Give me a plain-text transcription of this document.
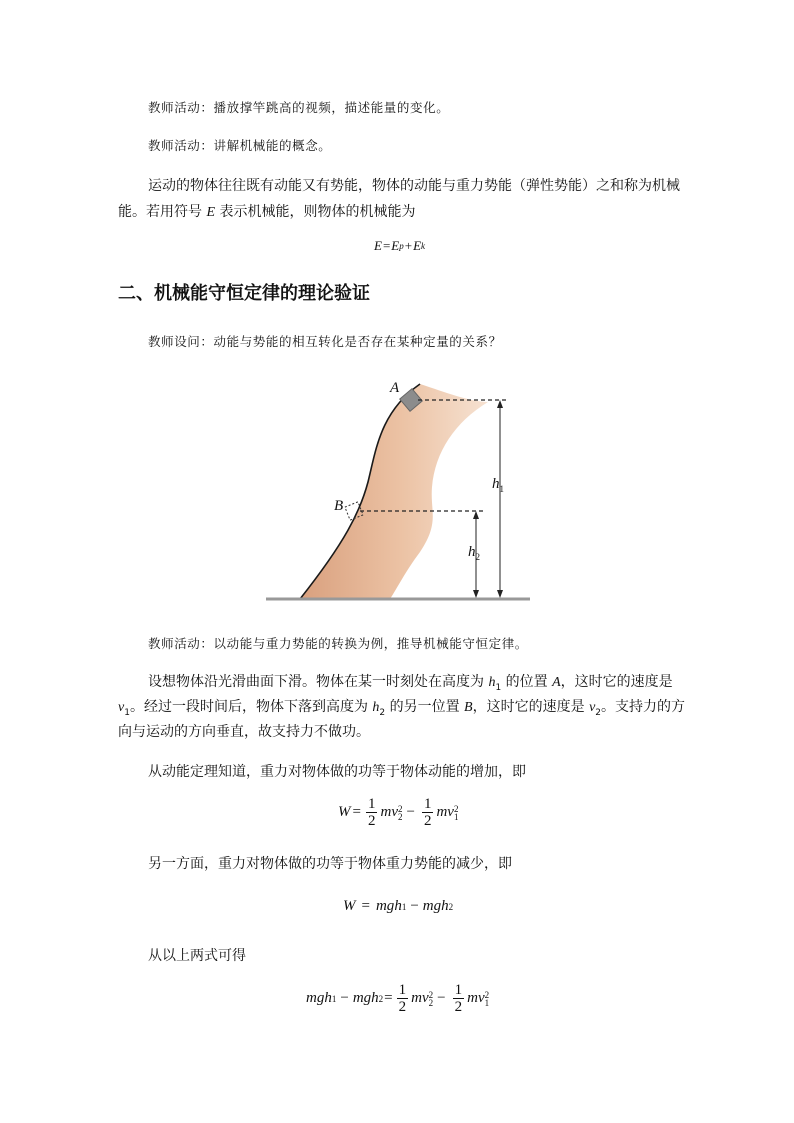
教师活动：播放撑竿跳高的视频，描述能量的变化。
教师活动：讲解机械能的概念。
运动的物体往往既有动能又有势能，物体的动能与重力势能（弹性势能）之和称为机械
能。若用符号 E 表示机械能，则物体的机械能为
E = E p + E k
二、机械能守恒定律的理论验证
教师设问：动能与势能的相互转化是否存在某种定量的关系？
A
B
$h_1$
$h_2$
教师活动：以动能与重力势能的转换为例，推导机械能守恒定律。
设想物体沿光滑曲面下滑。物体在某一时刻处在高度为 $h_1$ 的位置 A，这时它的速度是
$v_1$。经过一段时间后，物体下落到高度为 $h_2$ 的另一位置 B，这时它的速度是 $v_2$。支持力的方
向与运动的方向垂直，故支持力不做功。
从动能定理知道，重力对物体做的功等于物体动能的增加，即
$W = \frac{1}{2}$ m v 2
$2 - \frac{1}{2}$ m v 2
1
另一方面，重力对物体做的功等于物体重力势能的减少，即
W = mg h 1 − mg h 2
从以上两式可得
mg h 1 − mg h $2 = \frac{1}{2}$ m v 2
$2 - \frac{1}{2}$ m v 2
1
